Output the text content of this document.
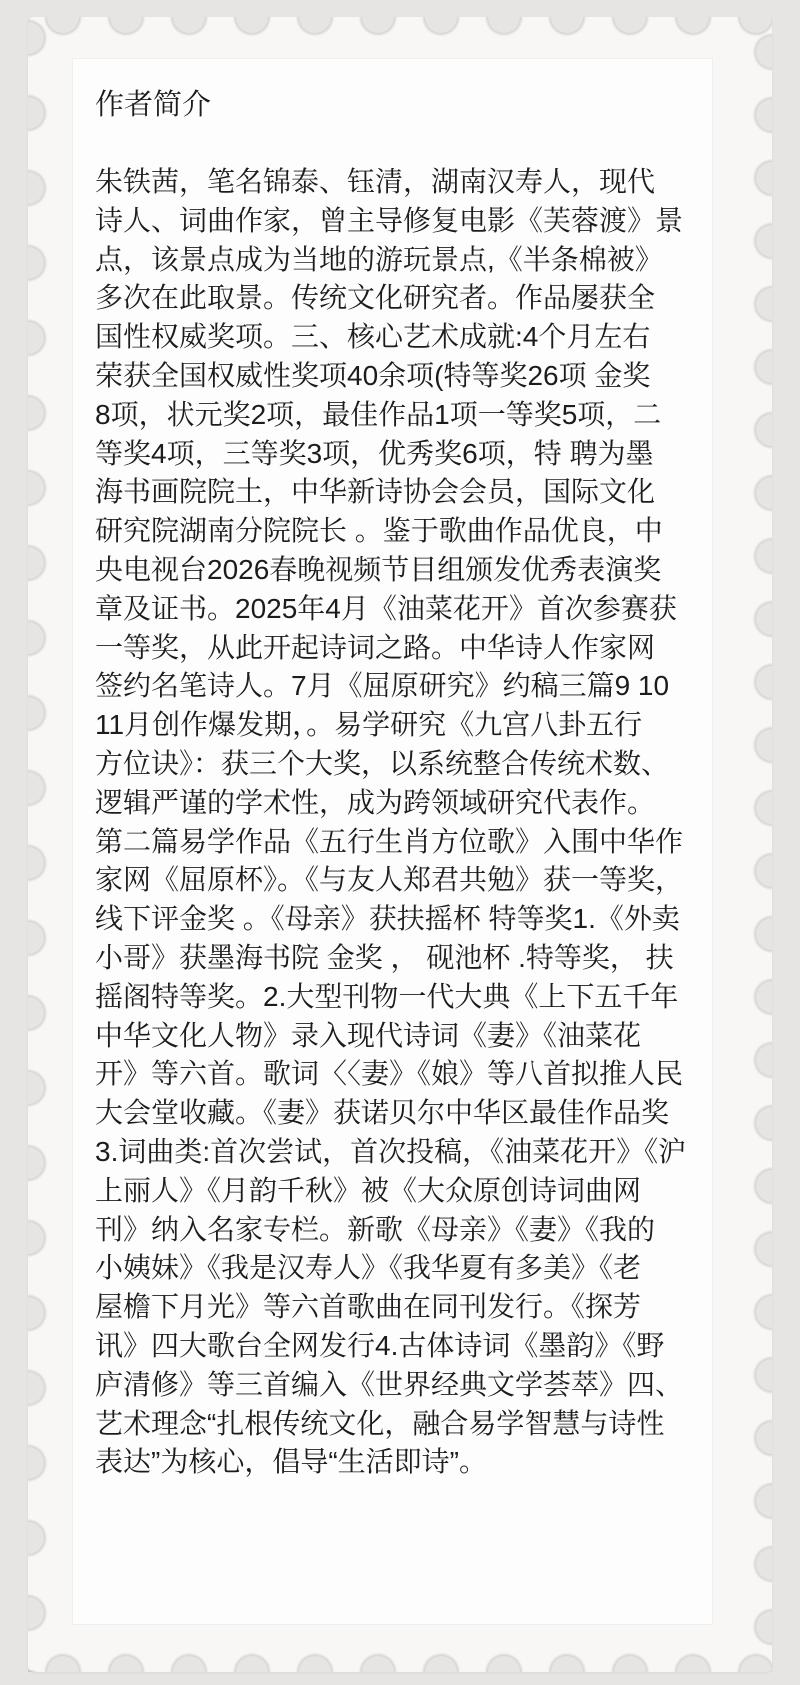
作者简介
朱铁茜，笔名锦泰、钰清，湖南汉寿人，现代
诗人、词曲作家，曾主导修复电影《芙蓉渡》景
点，该景点成为当地的游玩景点,《半条棉被》
多次在此取景。传统文化研究者。作品屡获全
国性权威奖项。三、核心艺术成就:4个月左右
荣获全国权威性奖项40余项(特等奖26项 金奖
8项，状元奖2项，最佳作品1项一等奖5项，二
等奖4项，三等奖3项，优秀奖6项，特 聘为墨
海书画院院土，中华新诗协会会员，国际文化
研究院湖南分院院长 。鉴于歌曲作品优良，中
央电视台2026春晚视频节目组颁发优秀表演奖
章及证书。2025年4月《油菜花开》首次参赛获
一等奖，从此开起诗词之路。中华诗人作家网
签约名笔诗人。7月《屈原研究》约稿三篇9 10
11月创作爆发期，。易学研究《九宫八卦五行
方位诀》：获三个大奖，以系统整合传统术数、
逻辑严谨的学术性，成为跨领域研究代表作。
第二篇易学作品《五行生肖方位歌》入围中华作
家网《屈原杯》。《与友人郑君共勉》获一等奖，
线下评金奖 。《母亲》获扶摇杯 特等奖1.《外卖
小哥》获墨海书院 金奖 ， 砚池杯 .特等奖， 扶
摇阁特等奖。2.大型刊物一代大典《上下五千年
中华文化人物》录入现代诗词《妻》《油菜花
开》等六首。歌词〈〈妻》《娘》等八首拟推人民
大会堂收藏。《妻》获诺贝尔中华区最佳作品奖
3.词曲类:首次尝试，首次投稿，《油菜花开》《沪
上丽人》《月韵千秋》被《大众原创诗词曲网
刊》纳入名家专栏。新歌《母亲》《妻》《我的
小姨妹》《我是汉寿人》《我华夏有多美》《老
屋檐下月光》等六首歌曲在同刊发行。《探芳
讯》四大歌台全网发行4.古体诗词《墨韵》《野
庐清修》等三首编入《世界经典文学荟萃》四、
艺术理念“扎根传统文化，融合易学智慧与诗性
表达”为核心，倡导“生活即诗”。
